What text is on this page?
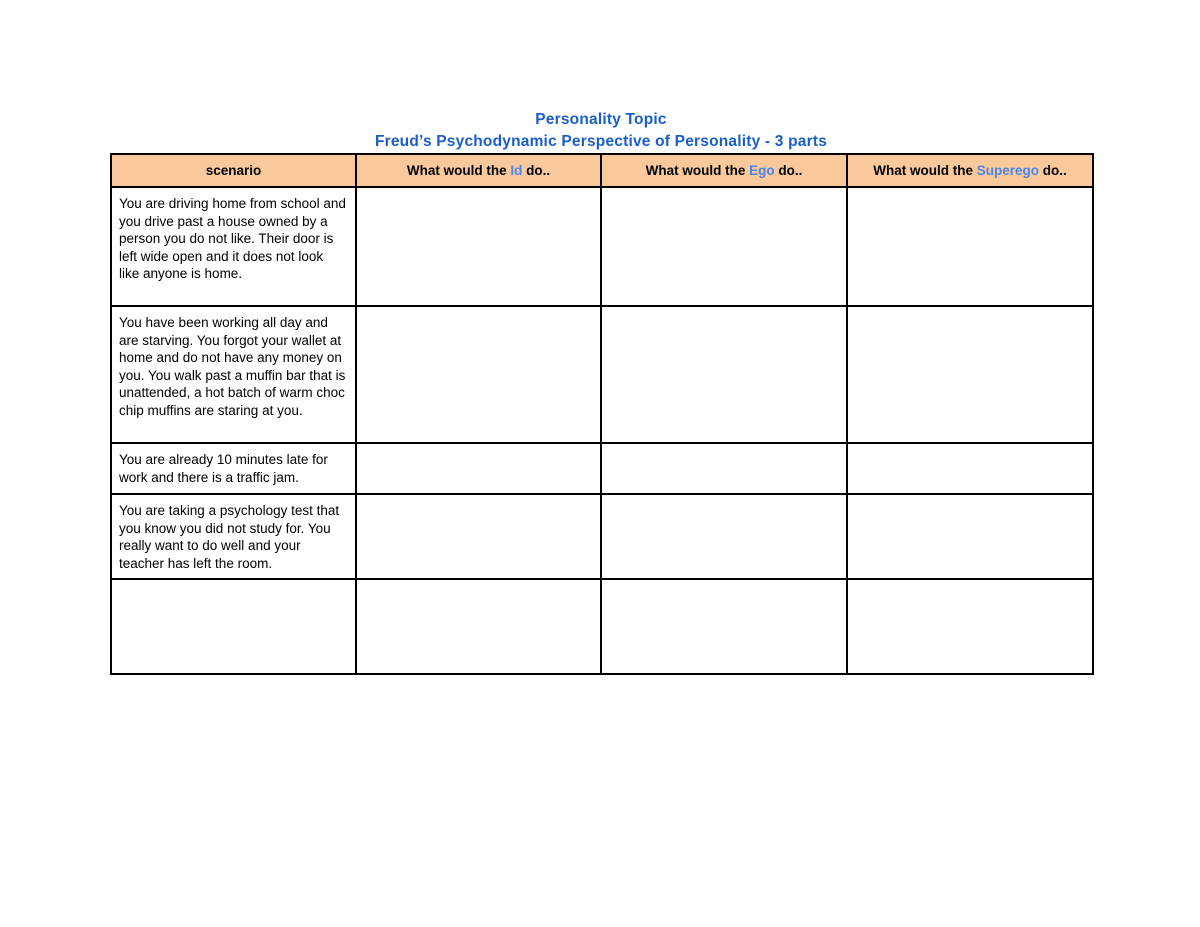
Personality Topic
Freud’s Psychodynamic Perspective of Personality - 3 parts
scenario	What would the Id do..	What would the Ego do..	What would the Superego do..

You are driving home from school and you drive past a house owned by a person you do not like. Their door is left wide open and it does not look like anyone is home.			

You have been working all day and are starving. You forgot your wallet at home and do not have any money on you. You walk past a muffin bar that is unattended, a hot batch of warm choc chip muffins are staring at you.			

You are already 10 minutes late for work and there is a traffic jam.			

You are taking a psychology test that you know you did not study for. You really want to do well and your teacher has left the room.			
